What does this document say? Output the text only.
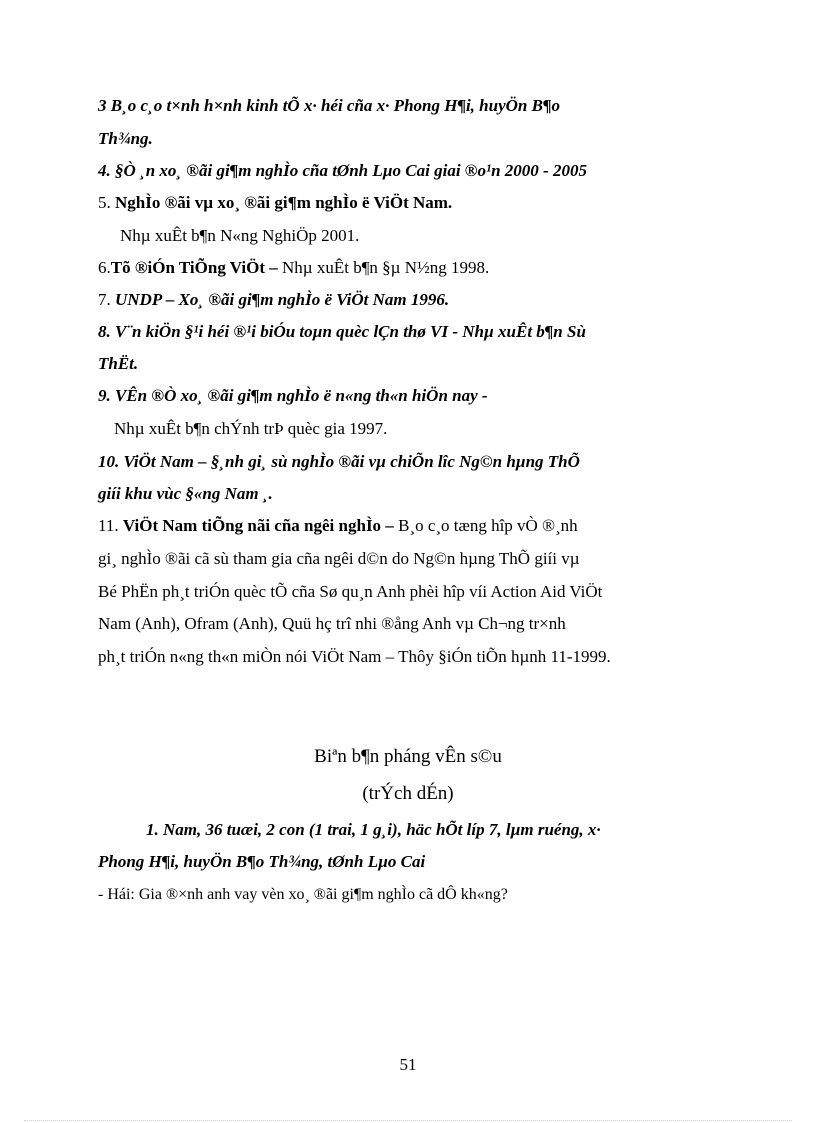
3 B¸o c¸o t×nh h×nh kinh tÕ x· héi cña x· Phong H¶i, huyÖn B¶o
Th¾ng.
4. §Ò ¸n xo¸ ®ãi gi¶m nghÌo cña tØnh Lµo Cai giai ®o¹n 2000 - 2005
5. NghÌo ®ãi vµ xo¸ ®ãi gi¶m nghÌo ë ViÖt Nam.
Nhµ xuÊt b¶n N«ng NghiÖp 2001.
6.Tõ ®iÓn TiÕng ViÖt – Nhµ xuÊt b¶n §µ N½ng 1998.
7. UNDP – Xo¸ ®ãi gi¶m nghÌo ë ViÖt Nam 1996.
8. V¨n kiÖn §¹i héi ®¹i biÓu toµn quèc lÇn thø VI - Nhµ xuÊt b¶n Sù
ThËt.
9. VÊn ®Ò xo¸ ®ãi gi¶m nghÌo ë n«ng th«n hiÖn nay -
Nhµ xuÊt b¶n chÝnh trÞ quèc gia 1997.
10. ViÖt Nam – §¸nh gi¸ sù nghÌo ®ãi vµ chiÕn lîc Ng©n hµng ThÕ
giíi khu vùc §«ng Nam ¸.
11. ViÖt Nam tiÕng nãi cña ngêi nghÌo – B¸o c¸o tæng hîp vÒ ®¸nh
gi¸ nghÌo ®ãi cã sù tham gia cña ngêi d©n do Ng©n hµng ThÕ giíi vµ
Bé PhËn ph¸t triÓn quèc tÕ cña Sø qu¸n Anh phèi hîp víi Action Aid ViÖt
Nam (Anh), Ofram (Anh), Quü hç trî nhi ®ång Anh vµ Ch¬ng tr×nh
ph¸t triÓn n«ng th«n miÒn nói ViÖt Nam – Thôy §iÓn tiÕn hµnh 11-1999.
Biªn b¶n pháng vÊn s©u
(trÝch dÉn)
1. Nam, 36 tuæi, 2 con (1 trai, 1 g¸i), häc hÕt líp 7, lµm ruéng, x·
Phong H¶i, huyÖn B¶o Th¾ng, tØnh Lµo Cai
- Hái: Gia ®×nh anh vay vèn xo¸ ®ãi gi¶m nghÌo cã dÔ kh«ng?
51
